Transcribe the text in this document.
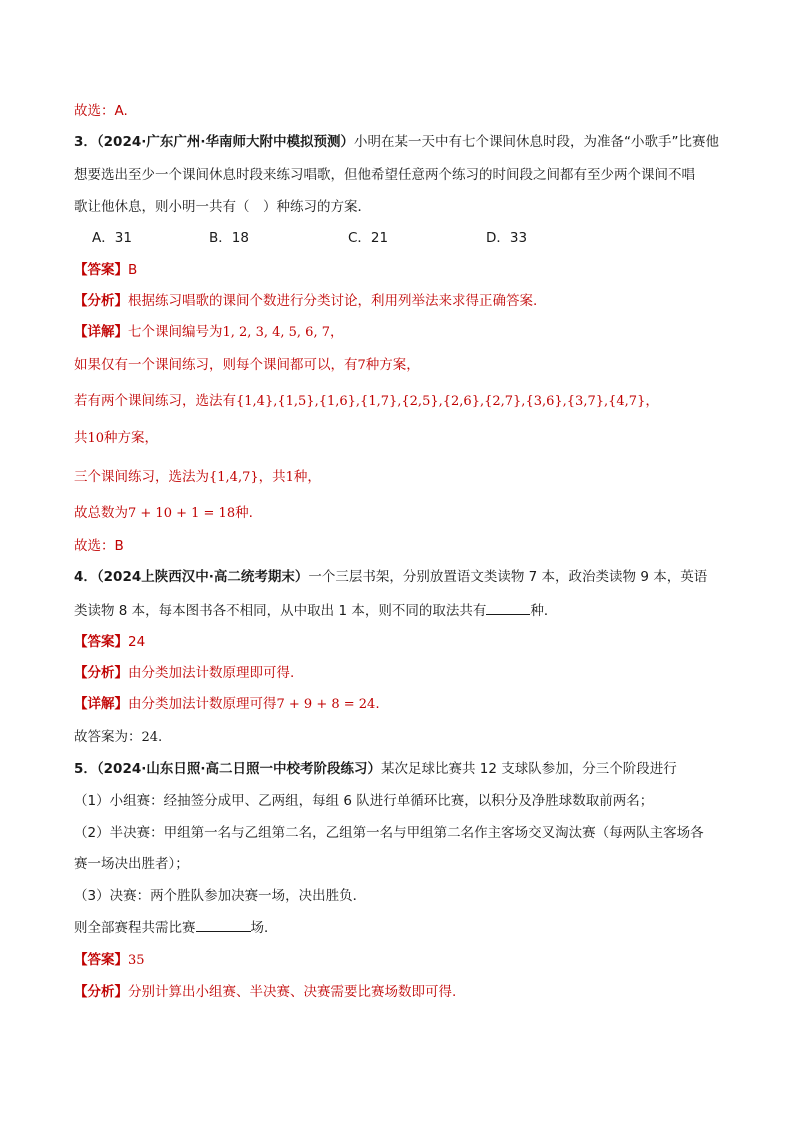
故选：A.
3．（2024·广东广州·华南师大附中模拟预测）小明在某一天中有七个课间休息时段，为准备“小歌手”比赛他
想要选出至少一个课间休息时段来练习唱歌，但他希望任意两个练习的时间段之间都有至少两个课间不唱
歌让他休息，则小明一共有（　）种练习的方案．
A．31	B．18	C．21	D．33
【答案】B
【分析】根据练习唱歌的课间个数进行分类讨论，利用列举法来求得正确答案.
【详解】七个课间编号为1, 2, 3, 4, 5, 6, 7，
如果仅有一个课间练习，则每个课间都可以，有7种方案，
若有两个课间练习，选法有{1,4},{1,5},{1,6},{1,7},{2,5},{2,6},{2,7},{3,6},{3,7},{4,7}，
共10种方案，
三个课间练习，选法为{1,4,7}，共1种，
故总数为7 + 10 + 1 = 18种.
故选：B
4．（2024上陕西汉中·高二统考期末）一个三层书架，分别放置语文类读物 7 本，政治类读物 9 本，英语
类读物 8 本，每本图书各不相同，从中取出 1 本，则不同的取法共有	种．
【答案】24
【分析】由分类加法计数原理即可得.
【详解】由分类加法计数原理可得7 + 9 + 8 = 24.
故答案为：24.
5．（2024·山东日照·高二日照一中校考阶段练习）某次足球比赛共 12 支球队参加，分三个阶段进行
（1）小组赛：经抽签分成甲、乙两组，每组 6 队进行单循环比赛，以积分及净胜球数取前两名；
（2）半决赛：甲组第一名与乙组第二名，乙组第一名与甲组第二名作主客场交叉淘汰赛（每两队主客场各
赛一场决出胜者）；
（3）决赛：两个胜队参加决赛一场，决出胜负．
则全部赛程共需比赛	场．
【答案】35
【分析】分别计算出小组赛、半决赛、决赛需要比赛场数即可得.
